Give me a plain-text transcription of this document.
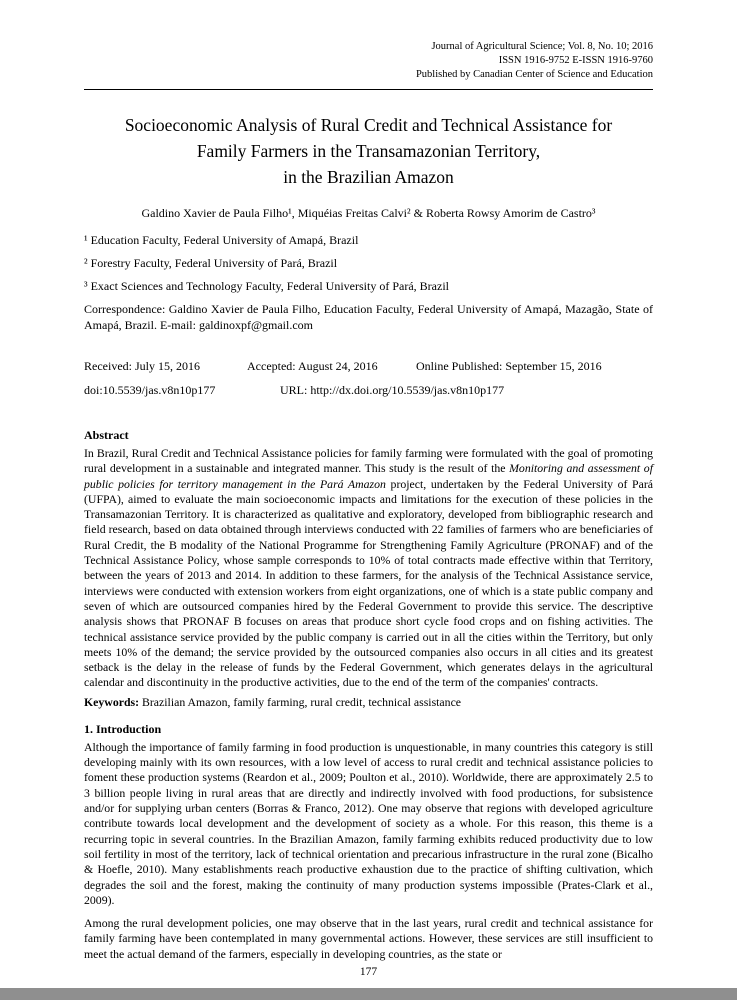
Journal of Agricultural Science; Vol. 8, No. 10; 2016
ISSN 1916-9752 E-ISSN 1916-9760
Published by Canadian Center of Science and Education
Socioeconomic Analysis of Rural Credit and Technical Assistance for
Family Farmers in the Transamazonian Territory,
in the Brazilian Amazon
Galdino Xavier de Paula Filho¹, Miquéias Freitas Calvi² & Roberta Rowsy Amorim de Castro³
¹ Education Faculty, Federal University of Amapá, Brazil
² Forestry Faculty, Federal University of Pará, Brazil
³ Exact Sciences and Technology Faculty, Federal University of Pará, Brazil

Correspondence: Galdino Xavier de Paula Filho, Education Faculty, Federal University of Amapá, Mazagão, State of Amapá, Brazil. E-mail: galdinoxpf@gmail.com

Received: July 15, 2016	Accepted: August 24, 2016	Online Published: September 15, 2016
doi:10.5539/jas.v8n10p177	URL: http://dx.doi.org/10.5539/jas.v8n10p177
Abstract

In Brazil, Rural Credit and Technical Assistance policies for family farming were formulated with the goal of promoting rural development in a sustainable and integrated manner. This study is the result of the Monitoring and assessment of public policies for territory management in the Pará Amazon project, undertaken by the Federal University of Pará (UFPA), aimed to evaluate the main socioeconomic impacts and limitations for the execution of these policies in the Transamazonian Territory. It is characterized as qualitative and exploratory, developed from bibliographic research and field research, based on data obtained through interviews conducted with 22 families of farmers who are beneficiaries of Rural Credit, the B modality of the National Programme for Strengthening Family Agriculture (PRONAF) and of the Technical Assistance Policy, whose sample corresponds to 10% of total contracts made effective within that Territory, between the years of 2013 and 2014. In addition to these farmers, for the analysis of the Technical Assistance service, interviews were conducted with extension workers from eight organizations, one of which is a state public company and seven of which are outsourced companies hired by the Federal Government to provide this service. The descriptive analysis shows that PRONAF B focuses on areas that produce short cycle food crops and on fishing activities. The technical assistance service provided by the public company is carried out in all the cities within the Territory, but only meets 10% of the demand; the service provided by the outsourced companies also occurs in all cities and its greatest setback is the delay in the release of funds by the Federal Government, which generates delays in the agricultural calendar and discontinuity in the productive activities, due to the end of the term of the companies' contracts.

Keywords: Brazilian Amazon, family farming, rural credit, technical assistance

1. Introduction

Although the importance of family farming in food production is unquestionable, in many countries this category is still developing mainly with its own resources, with a low level of access to rural credit and technical assistance policies to foment these production systems (Reardon et al., 2009; Poulton et al., 2010). Worldwide, there are approximately 2.5 to 3 billion people living in rural areas that are directly and indirectly involved with food productions, for subsistence and/or for supplying urban centers (Borras & Franco, 2012). One may observe that regions with developed agriculture contribute towards local development and the development of society as a whole. For this reason, this theme is a recurring topic in several countries. In the Brazilian Amazon, family farming exhibits reduced productivity due to low soil fertility in most of the territory, lack of technical orientation and precarious infrastructure in the rural zone (Bicalho & Hoefle, 2010). Many establishments reach productive exhaustion due to the practice of shifting cultivation, which degrades the soil and the forest, making the continuity of many production systems impossible (Prates-Clark et al., 2009).

Among the rural development policies, one may observe that in the last years, rural credit and technical assistance for family farming have been contemplated in many governmental actions. However, these services are still insufficient to meet the actual demand of the farmers, especially in developing countries, as the state or

177
